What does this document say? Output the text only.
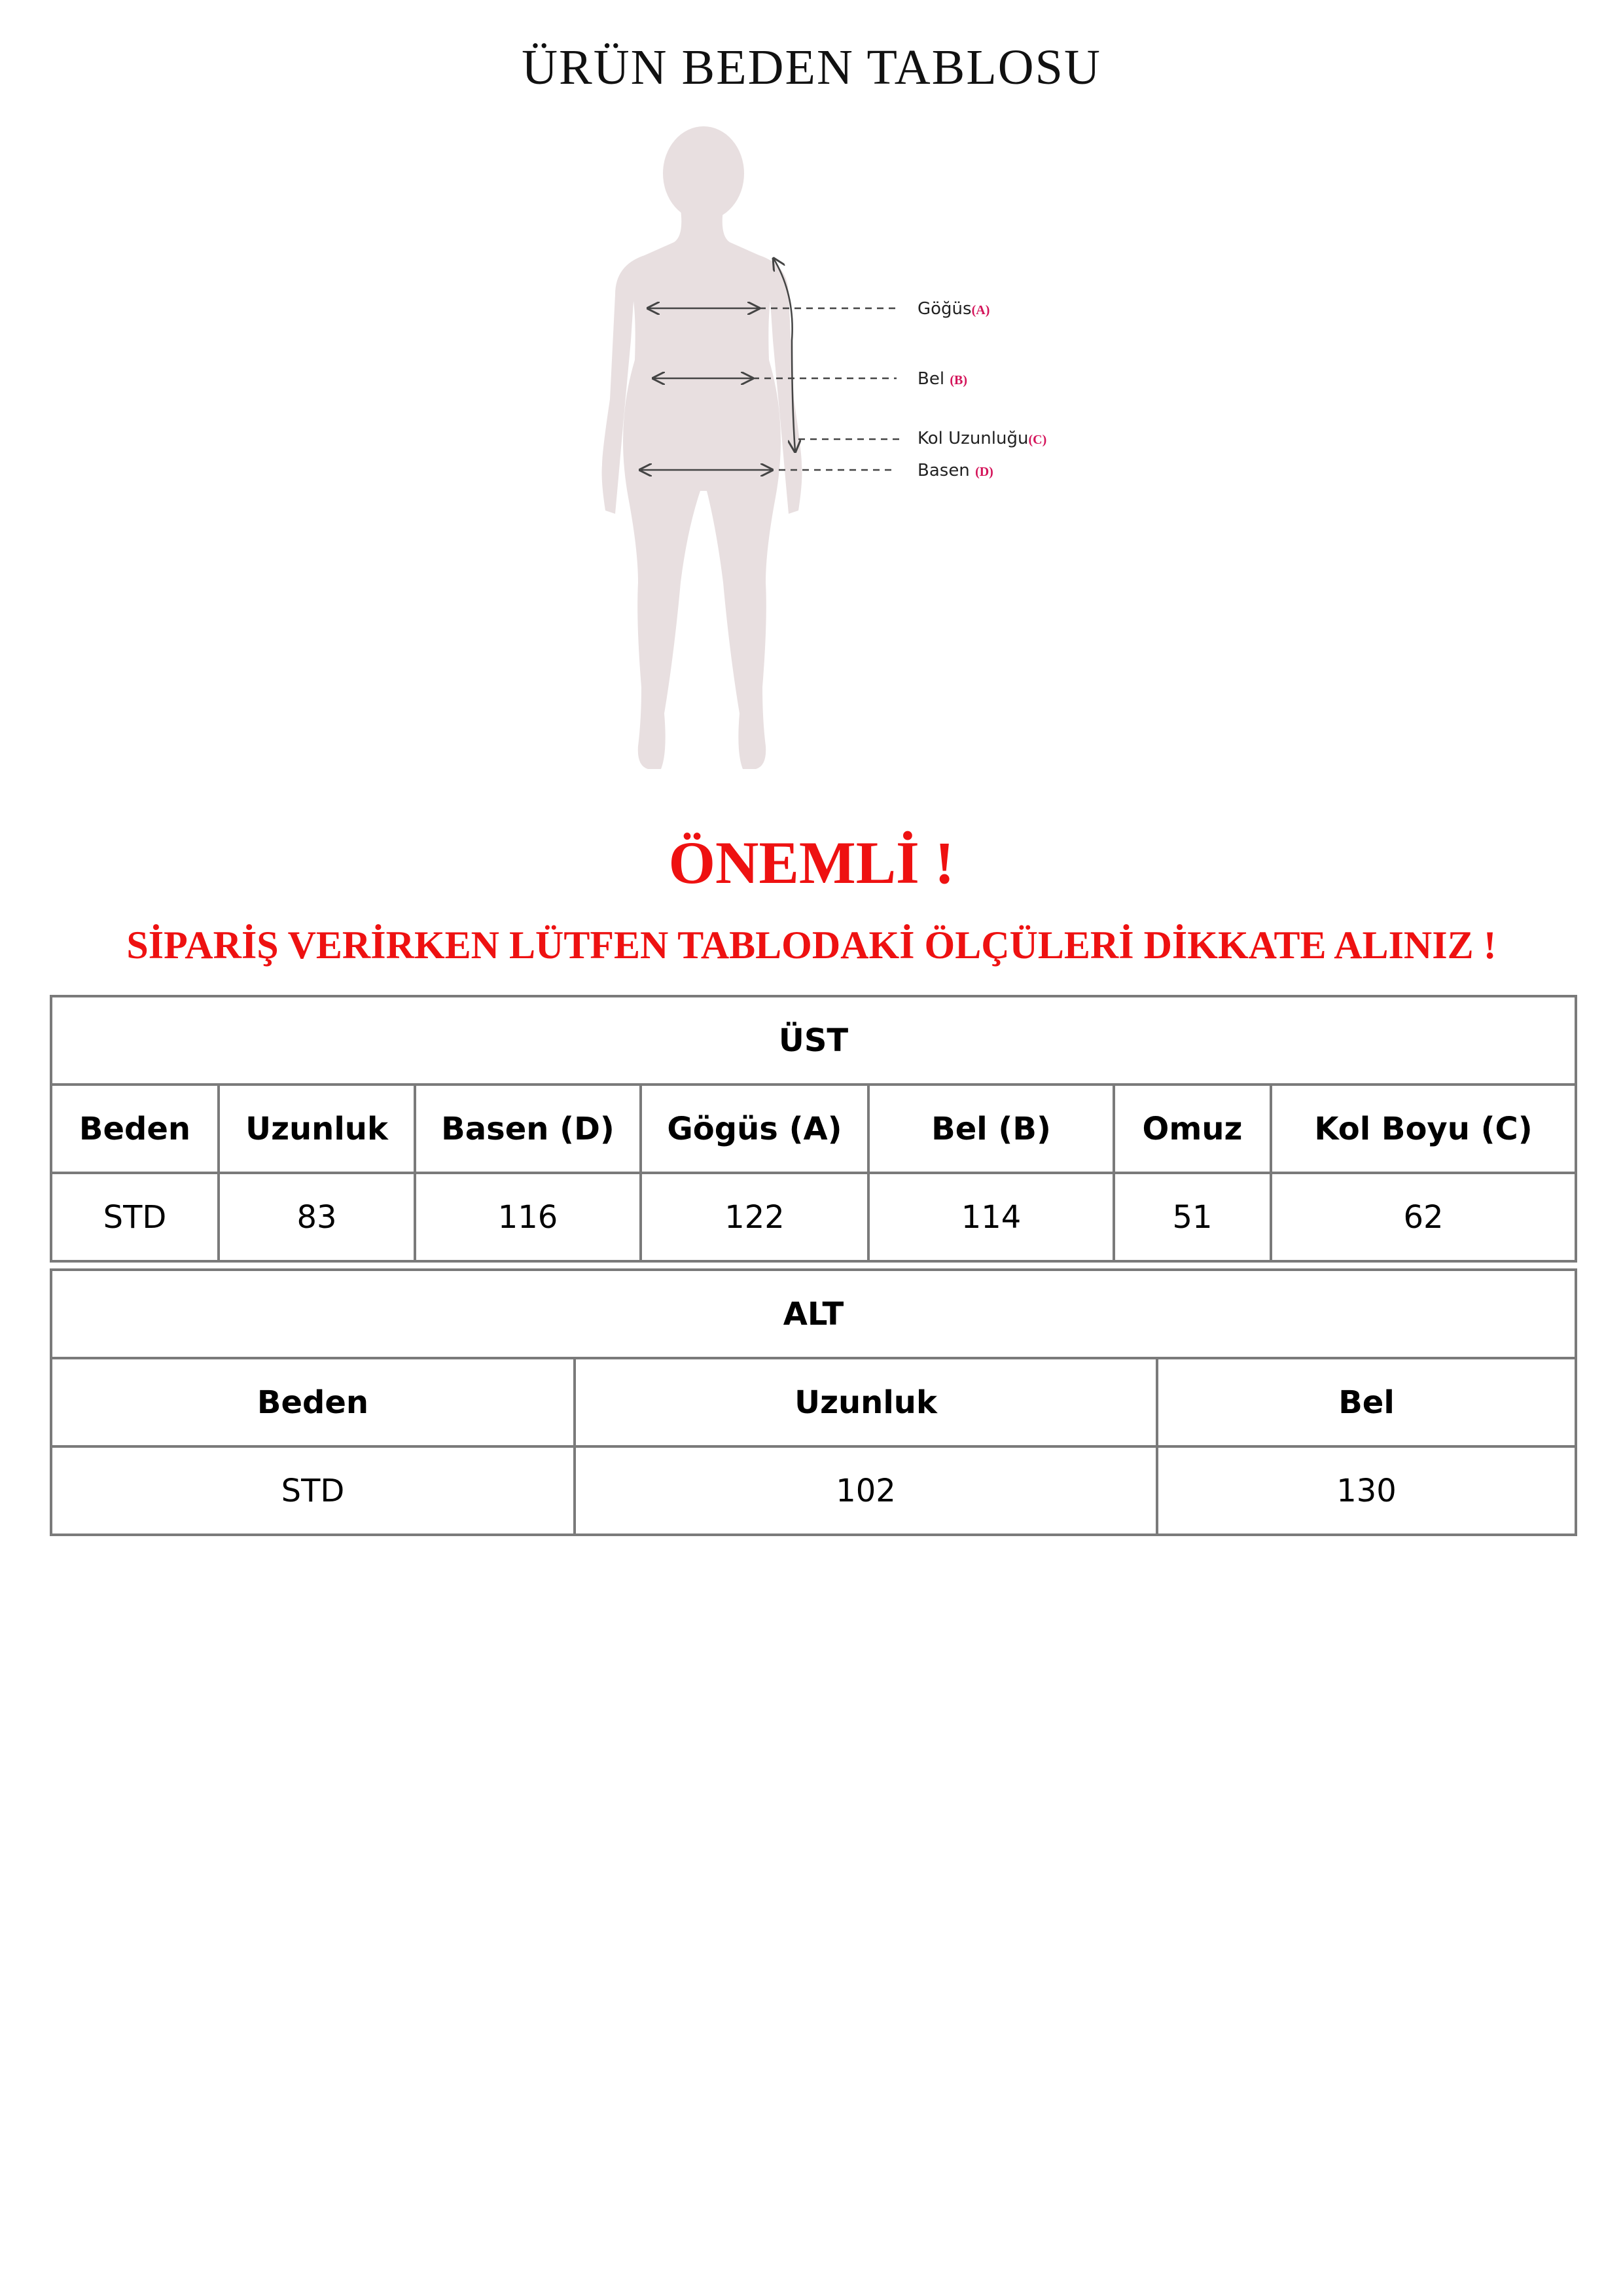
ÜRÜN BEDEN TABLOSU
Göğüs(A)
Bel (B)
Kol Uzunluğu(C)
Basen (D)
ÖNEMLİ !
SİPARİŞ VERİRKEN LÜTFEN TABLODAKİ ÖLÇÜLERİ DİKKATE ALINIZ !
ÜST						
Beden	Uzunluk	Basen (D)	Gögüs (A)	Bel (B)	Omuz	Kol Boyu (C)
STD	83	116	122	114	51	62
ALT		
Beden	Uzunluk	Bel
STD	102	130
